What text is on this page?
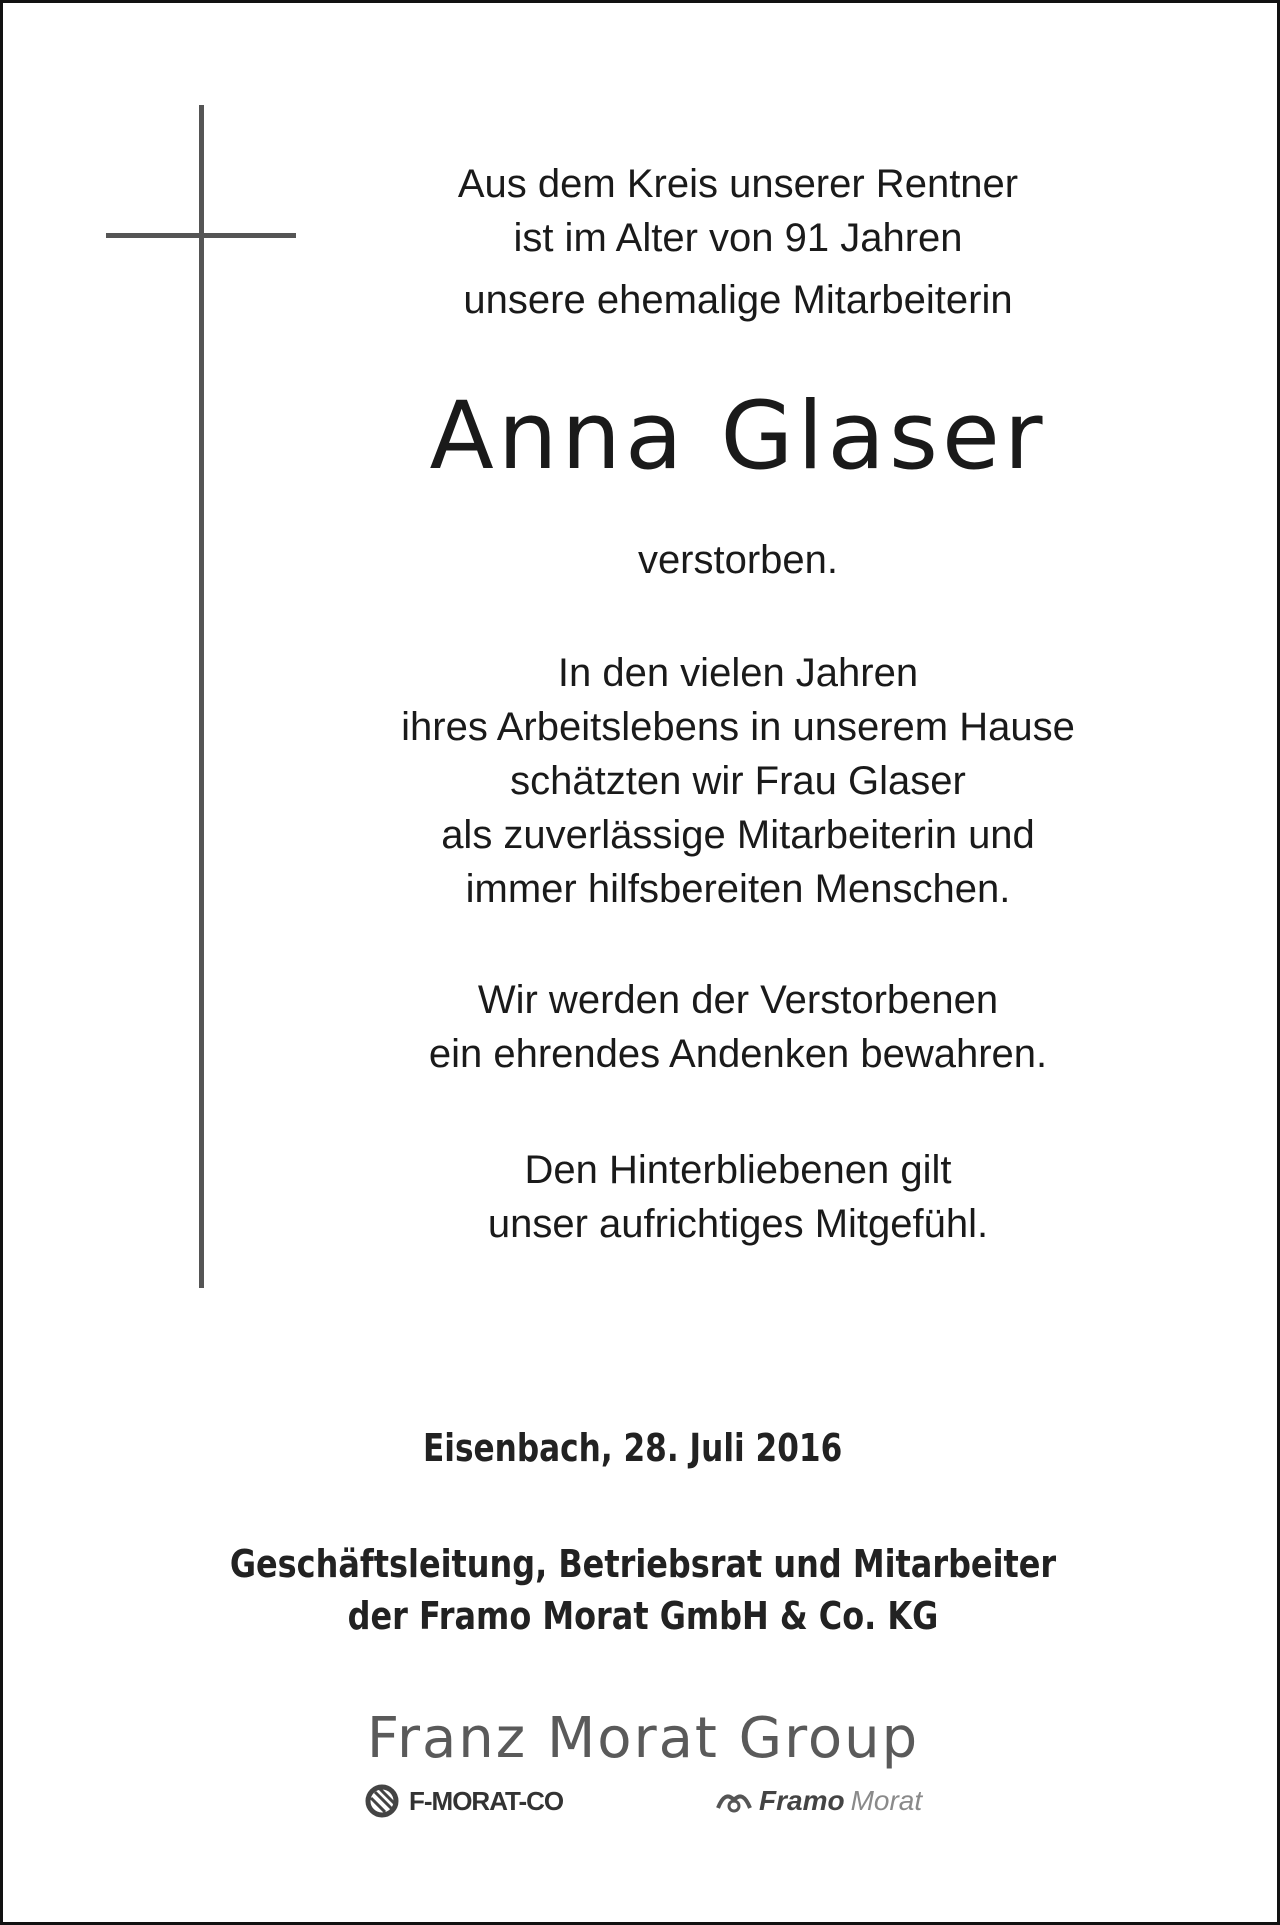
Aus dem Kreis unserer Rentner
ist im Alter von 91 Jahren
unsere ehemalige Mitarbeiterin
Anna Glaser
verstorben.
In den vielen Jahren
ihres Arbeitslebens in unserem Hause
schätzten wir Frau Glaser
als zuverlässige Mitarbeiterin und
immer hilfsbereiten Menschen.
Wir werden der Verstorbenen
ein ehrendes Andenken bewahren.
Den Hinterbliebenen gilt
unser aufrichtiges Mitgefühl.
Eisenbach, 28. Juli 2016
Geschäftsleitung, Betriebsrat und Mitarbeiter
der Framo Morat GmbH & Co. KG
Franz Morat Group
F-MORAT-CO	Framo Morat
